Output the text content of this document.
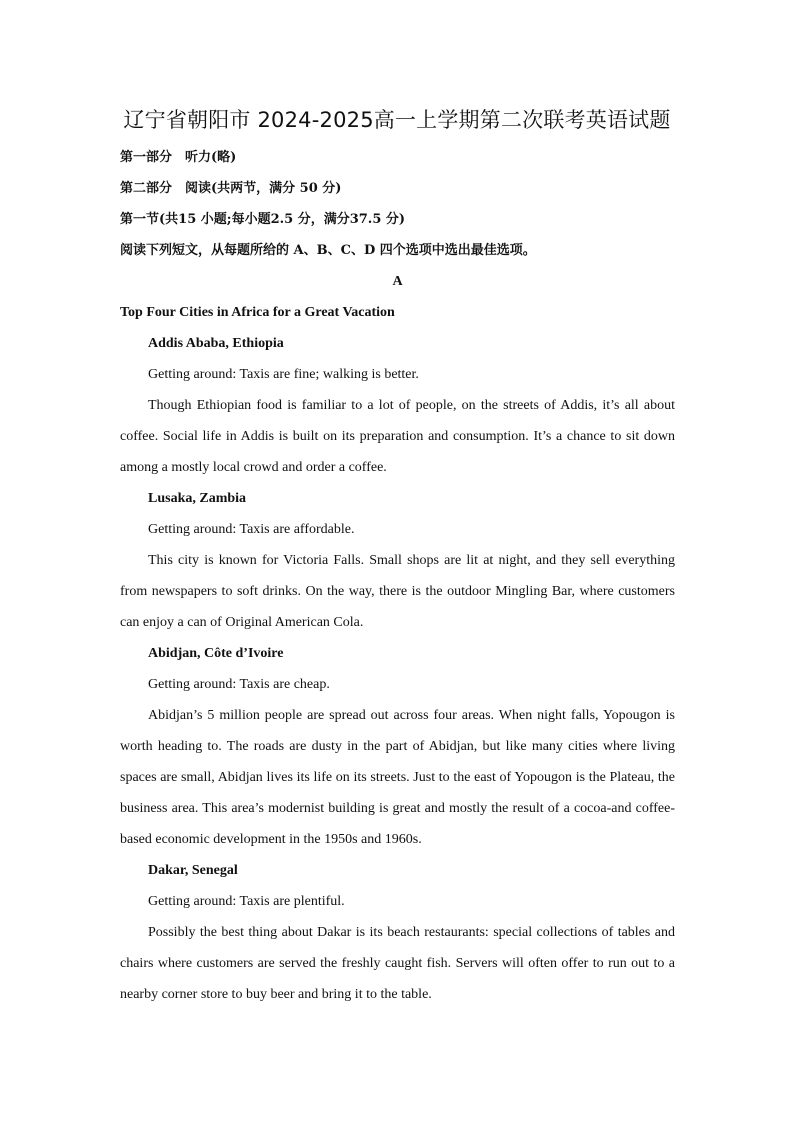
辽宁省朝阳市 2024-2025高一上学期第二次联考英语试题
第一部分　听力(略)
第二部分　阅读(共两节，满分 50 分)
第一节(共15 小题;每小题2.5 分，满分37.5 分)
阅读下列短文，从每题所给的 A、B、C、D 四个选项中选出最佳选项。
A
Top Four Cities in Africa for a Great Vacation
Addis Ababa, Ethiopia
Getting around: Taxis are fine; walking is better.

Though Ethiopian food is familiar to a lot of people, on the streets of Addis, it’s all about coffee. Social life in Addis is built on its preparation and consumption. It’s a chance to sit down among a mostly local crowd and order a coffee.

Lusaka, Zambia
Getting around: Taxis are affordable.

This city is known for Victoria Falls. Small shops are lit at night, and they sell everything from newspapers to soft drinks. On the way, there is the outdoor Mingling Bar, where customers can enjoy a can of Original American Cola.

Abidjan, Côte d’Ivoire
Getting around: Taxis are cheap.

Abidjan’s 5 million people are spread out across four areas. When night falls, Yopougon is worth heading to. The roads are dusty in the part of Abidjan, but like many cities where living spaces are small, Abidjan lives its life on its streets. Just to the east of Yopougon is the Plateau, the business area. This area’s modernist building is great and mostly the result of a cocoa-and coffee-based economic development in the 1950s and 1960s.

Dakar, Senegal
Getting around: Taxis are plentiful.

Possibly the best thing about Dakar is its beach restaurants: special collections of tables and chairs where customers are served the freshly caught fish. Servers will often offer to run out to a nearby corner store to buy beer and bring it to the table.
